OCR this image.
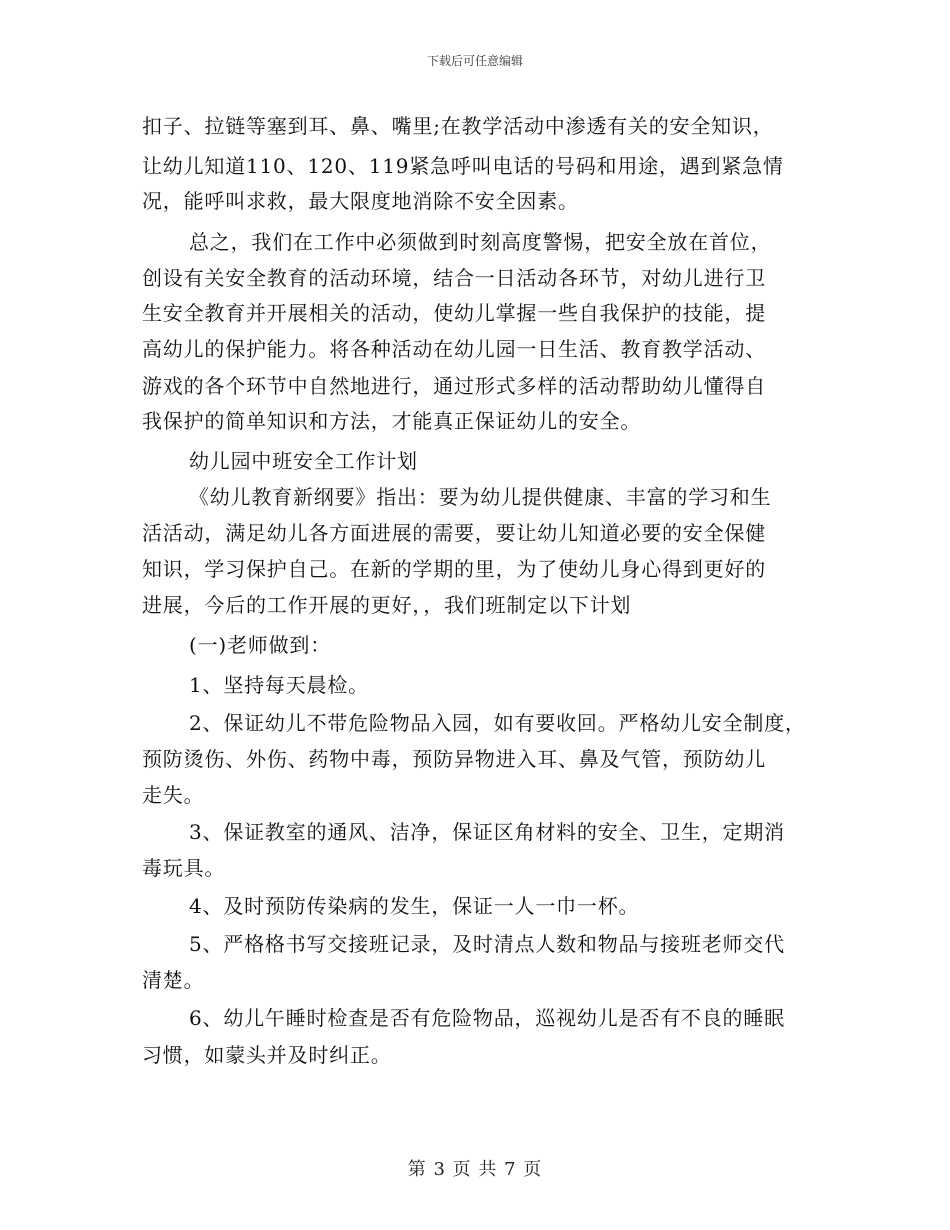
下载后可任意编辑
扣子、拉链等塞到耳、鼻、嘴里;在教学活动中渗透有关的安全知识，
让幼儿知道110、120、119紧急呼叫电话的号码和用途，遇到紧急情
况，能呼叫求救，最大限度地消除不安全因素。
总之，我们在工作中必须做到时刻高度警惕，把安全放在首位，
创设有关安全教育的活动环境，结合一日活动各环节，对幼儿进行卫
生安全教育并开展相关的活动，使幼儿掌握一些自我保护的技能，提
高幼儿的保护能力。将各种活动在幼儿园一日生活、教育教学活动、
游戏的各个环节中自然地进行，通过形式多样的活动帮助幼儿懂得自
我保护的简单知识和方法，才能真正保证幼儿的安全。
幼儿园中班安全工作计划
《幼儿教育新纲要》指出：要为幼儿提供健康、丰富的学习和生
活活动，满足幼儿各方面进展的需要，要让幼儿知道必要的安全保健
知识，学习保护自己。在新的学期的里，为了使幼儿身心得到更好的
进展，今后的工作开展的更好，，我们班制定以下计划
(一)老师做到：
1、坚持每天晨检。
2、保证幼儿不带危险物品入园，如有要收回。严格幼儿安全制度，
预防烫伤、外伤、药物中毒，预防异物进入耳、鼻及气管，预防幼儿
走失。
3、保证教室的通风、洁净，保证区角材料的安全、卫生，定期消
毒玩具。
4、及时预防传染病的发生，保证一人一巾一杯。
5、严格格书写交接班记录，及时清点人数和物品与接班老师交代
清楚。
6、幼儿午睡时检查是否有危险物品，巡视幼儿是否有不良的睡眠
习惯，如蒙头并及时纠正。
第 3 页 共 7 页
